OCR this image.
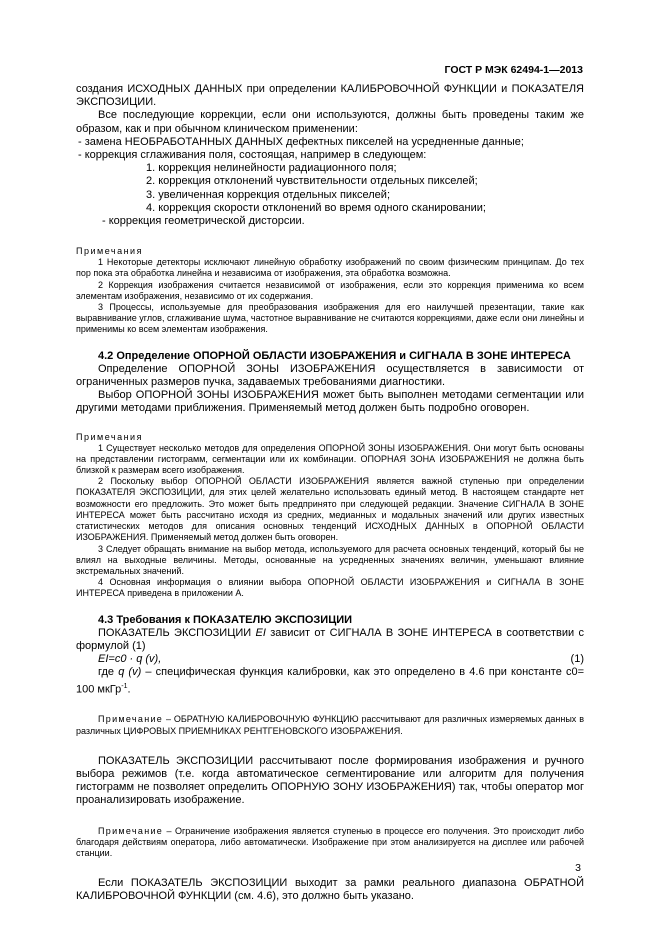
ГОСТ Р МЭК 62494-1—2013

создания ИСХОДНЫХ ДАННЫХ при определении КАЛИБРОВОЧНОЙ ФУНКЦИИ и ПОКАЗАТЕЛЯ ЭКСПОЗИЦИИ.

Все последующие коррекции, если они используются, должны быть проведены таким же образом, как и при обычном клиническом применении:

- замена НЕОБРАБОТАННЫХ ДАННЫХ дефектных пикселей на усредненные данные;

- коррекция сглаживания поля, состоящая, например в следующем:

1. коррекция нелинейности радиационного поля;

2. коррекция отклонений чувствительности отдельных пикселей;

3. увеличенная коррекция отдельных пикселей;

4. коррекция скорости отклонений во время одного сканировании;

- коррекция геометрической дисторсии.

Примечания

1 Некоторые детекторы исключают линейную обработку изображений по своим физическим принципам. До тех пор пока эта обработка линейна и независима от изображения, эта обработка возможна.

2 Коррекция изображения считается независимой от изображения, если это коррекция применима ко всем элементам изображения, независимо от их содержания.

3 Процессы, используемые для преобразования изображения для его наилучшей презентации, такие как выравнивание углов, сглаживание шума, частотное выравнивание не считаются коррекциями, даже если они линейны и применимы ко всем элементам изображения.

4.2 Определение ОПОРНОЙ ОБЛАСТИ ИЗОБРАЖЕНИЯ и СИГНАЛА В ЗОНЕ ИНТЕРЕСА

Определение ОПОРНОЙ ЗОНЫ ИЗОБРАЖЕНИЯ осуществляется в зависимости от ограниченных размеров пучка, задаваемых требованиями диагностики.

Выбор ОПОРНОЙ ЗОНЫ ИЗОБРАЖЕНИЯ может быть выполнен методами сегментации или другими методами приближения. Применяемый метод должен быть подробно оговорен.

Примечания

1 Существует несколько методов для определения ОПОРНОЙ ЗОНЫ ИЗОБРАЖЕНИЯ. Они могут быть основаны на представлении гистограмм, сегментации или их комбинации. ОПОРНАЯ ЗОНА ИЗОБРАЖЕНИЯ не должна быть близкой к размерам всего изображения.

2 Поскольку выбор ОПОРНОЙ ОБЛАСТИ ИЗОБРАЖЕНИЯ является важной ступенью при определении ПОКАЗАТЕЛЯ ЭКСПОЗИЦИИ, для этих целей желательно использовать единый метод. В настоящем стандарте нет возможности его предложить. Это может быть предпринято при следующей редакции. Значение СИГНАЛА В ЗОНЕ ИНТЕРЕСА может быть рассчитано исходя из средних, медианных и модальных значений или других известных статистических методов для описания основных тенденций ИСХОДНЫХ ДАННЫХ в ОПОРНОЙ ОБЛАСТИ ИЗОБРАЖЕНИЯ. Применяемый метод должен быть оговорен.

3 Следует обращать внимание на выбор метода, используемого для расчета основных тенденций, который бы не влиял на выходные величины. Методы, основанные на усредненных значениях величин, уменьшают влияние экстремальных значений.

4 Основная информация о влиянии выбора ОПОРНОЙ ОБЛАСТИ ИЗОБРАЖЕНИЯ и СИГНАЛА В ЗОНЕ ИНТЕРЕСА приведена в приложении А.

4.3 Требования к ПОКАЗАТЕЛЮ ЭКСПОЗИЦИИ

ПОКАЗАТЕЛЬ ЭКСПОЗИЦИИ EI зависит от СИГНАЛА В ЗОНЕ ИНТЕРЕСА в соответствии с формулой (1)

EI=c0 · q (v),	(1)

где q (v) – специфическая функция калибровки, как это определено в 4.6 при константе c0= 100 мкГр$^{-1}$.

Примечание – ОБРАТНУЮ КАЛИБРОВОЧНУЮ ФУНКЦИЮ рассчитывают для различных измеряемых данных в различных ЦИФРОВЫХ ПРИЕМНИКАХ РЕНТГЕНОВСКОГО ИЗОБРАЖЕНИЯ.

ПОКАЗАТЕЛЬ ЭКСПОЗИЦИИ рассчитывают после формирования изображения и ручного выбора режимов (т.е. когда автоматическое сегментирование или алгоритм для получения гистограмм не позволяет определить ОПОРНУЮ ЗОНУ ИЗОБРАЖЕНИЯ) так, чтобы оператор мог проанализировать изображение.

Примечание – Ограничение изображения является ступенью в процессе его получения. Это происходит либо благодаря действиям оператора, либо автоматически. Изображение при этом анализируется на дисплее или рабочей станции.

Если ПОКАЗАТЕЛЬ ЭКСПОЗИЦИИ выходит за рамки реального диапазона ОБРАТНОЙ КАЛИБРОВОЧНОЙ ФУНКЦИИ (см. 4.6), это должно быть указано.

3
